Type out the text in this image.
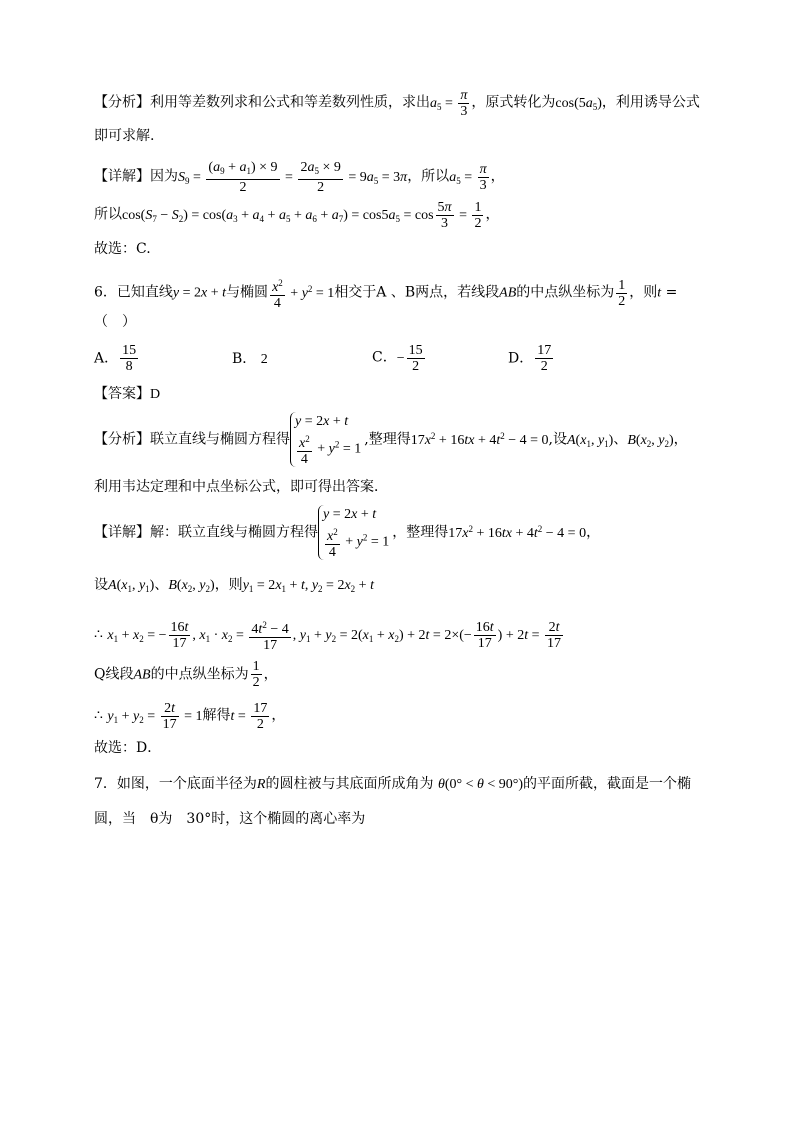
【分析】利用等差数列求和公式和等差数列性质，求出$a_5 = \frac{\pi}{3}$ ，原式转化为$\cos(5a_5)$，利用诱导公式
即可求解.
【详解】因为$S_9 = \frac{(a_9 + a_1) \times 9}{2} = \frac{2a_5 \times 9}{2} = 9a_5 = 3\pi$，所以$a_5 = \frac{\pi}{3}$ ，
所以$\cos(S_7 - S_2) = \cos(a_3 + a_4 + a_5 + a_6 + a_7) = \cos 5a_5 = \cos \frac{5\pi}{3} = \frac{1}{2}$ ，
故选：C.
6．已知直线y = 2x + t与椭圆 $\frac{x^2}{4} + y^2 = 1$相交于A 、B两点，若线段AB的中点纵坐标为 $\frac{1}{2}$ ，则t =
（　）
A． $\frac{15}{8}$	B． 2	C．− $\frac{15}{2}$	D． $\frac{17}{2}$
【答案】D
【分析】联立直线与椭圆方程得
y = 2x + t
$\frac{x^2}{4} + y^2 = 1$
,整理得$17x^2 + 16tx + 4t^2 - 4 = 0$,设$A(x_1$, $y_1$)、$B(x_2$, $y_2$)，
利用韦达定理和中点坐标公式，即可得出答案．
【详解】解：联立直线与椭圆方程得
y = 2x + t
$\frac{x^2}{4} + y^2 = 1$
，整理得$17x^2 + 16tx + 4t^2 - 4 = 0$，
设$A(x_1$, $y_1$)、$B(x_2$, $y_2$)，则$y_1 = 2x_1 + t$, $y_2 = 2x_2 + t$
∴ $x_1 + x_2$ = − $\frac{16t}{17}$ , $x_1 \cdot x_2 = \frac{4t^2 - 4}{17}$ , $y_1 + y_2 = 2(x_1 + x_2) + 2t = 2\times(- \frac{16t}{17}$ ) + $2t = \frac{2t}{17}$
Q线段AB的中点纵坐标为 $\frac{1}{2}$ ，
∴ $y_1 + y_2 = \frac{2t}{17} = 1$解得$t = \frac{17}{2}$ ，
故选：D．
7．如图，一个底面半径为R的圆柱被与其底面所成角为 θ(0° < θ < 90°)的平面所截，截面是一个椭
圆，当　θ为　30°时，这个椭圆的离心率为
